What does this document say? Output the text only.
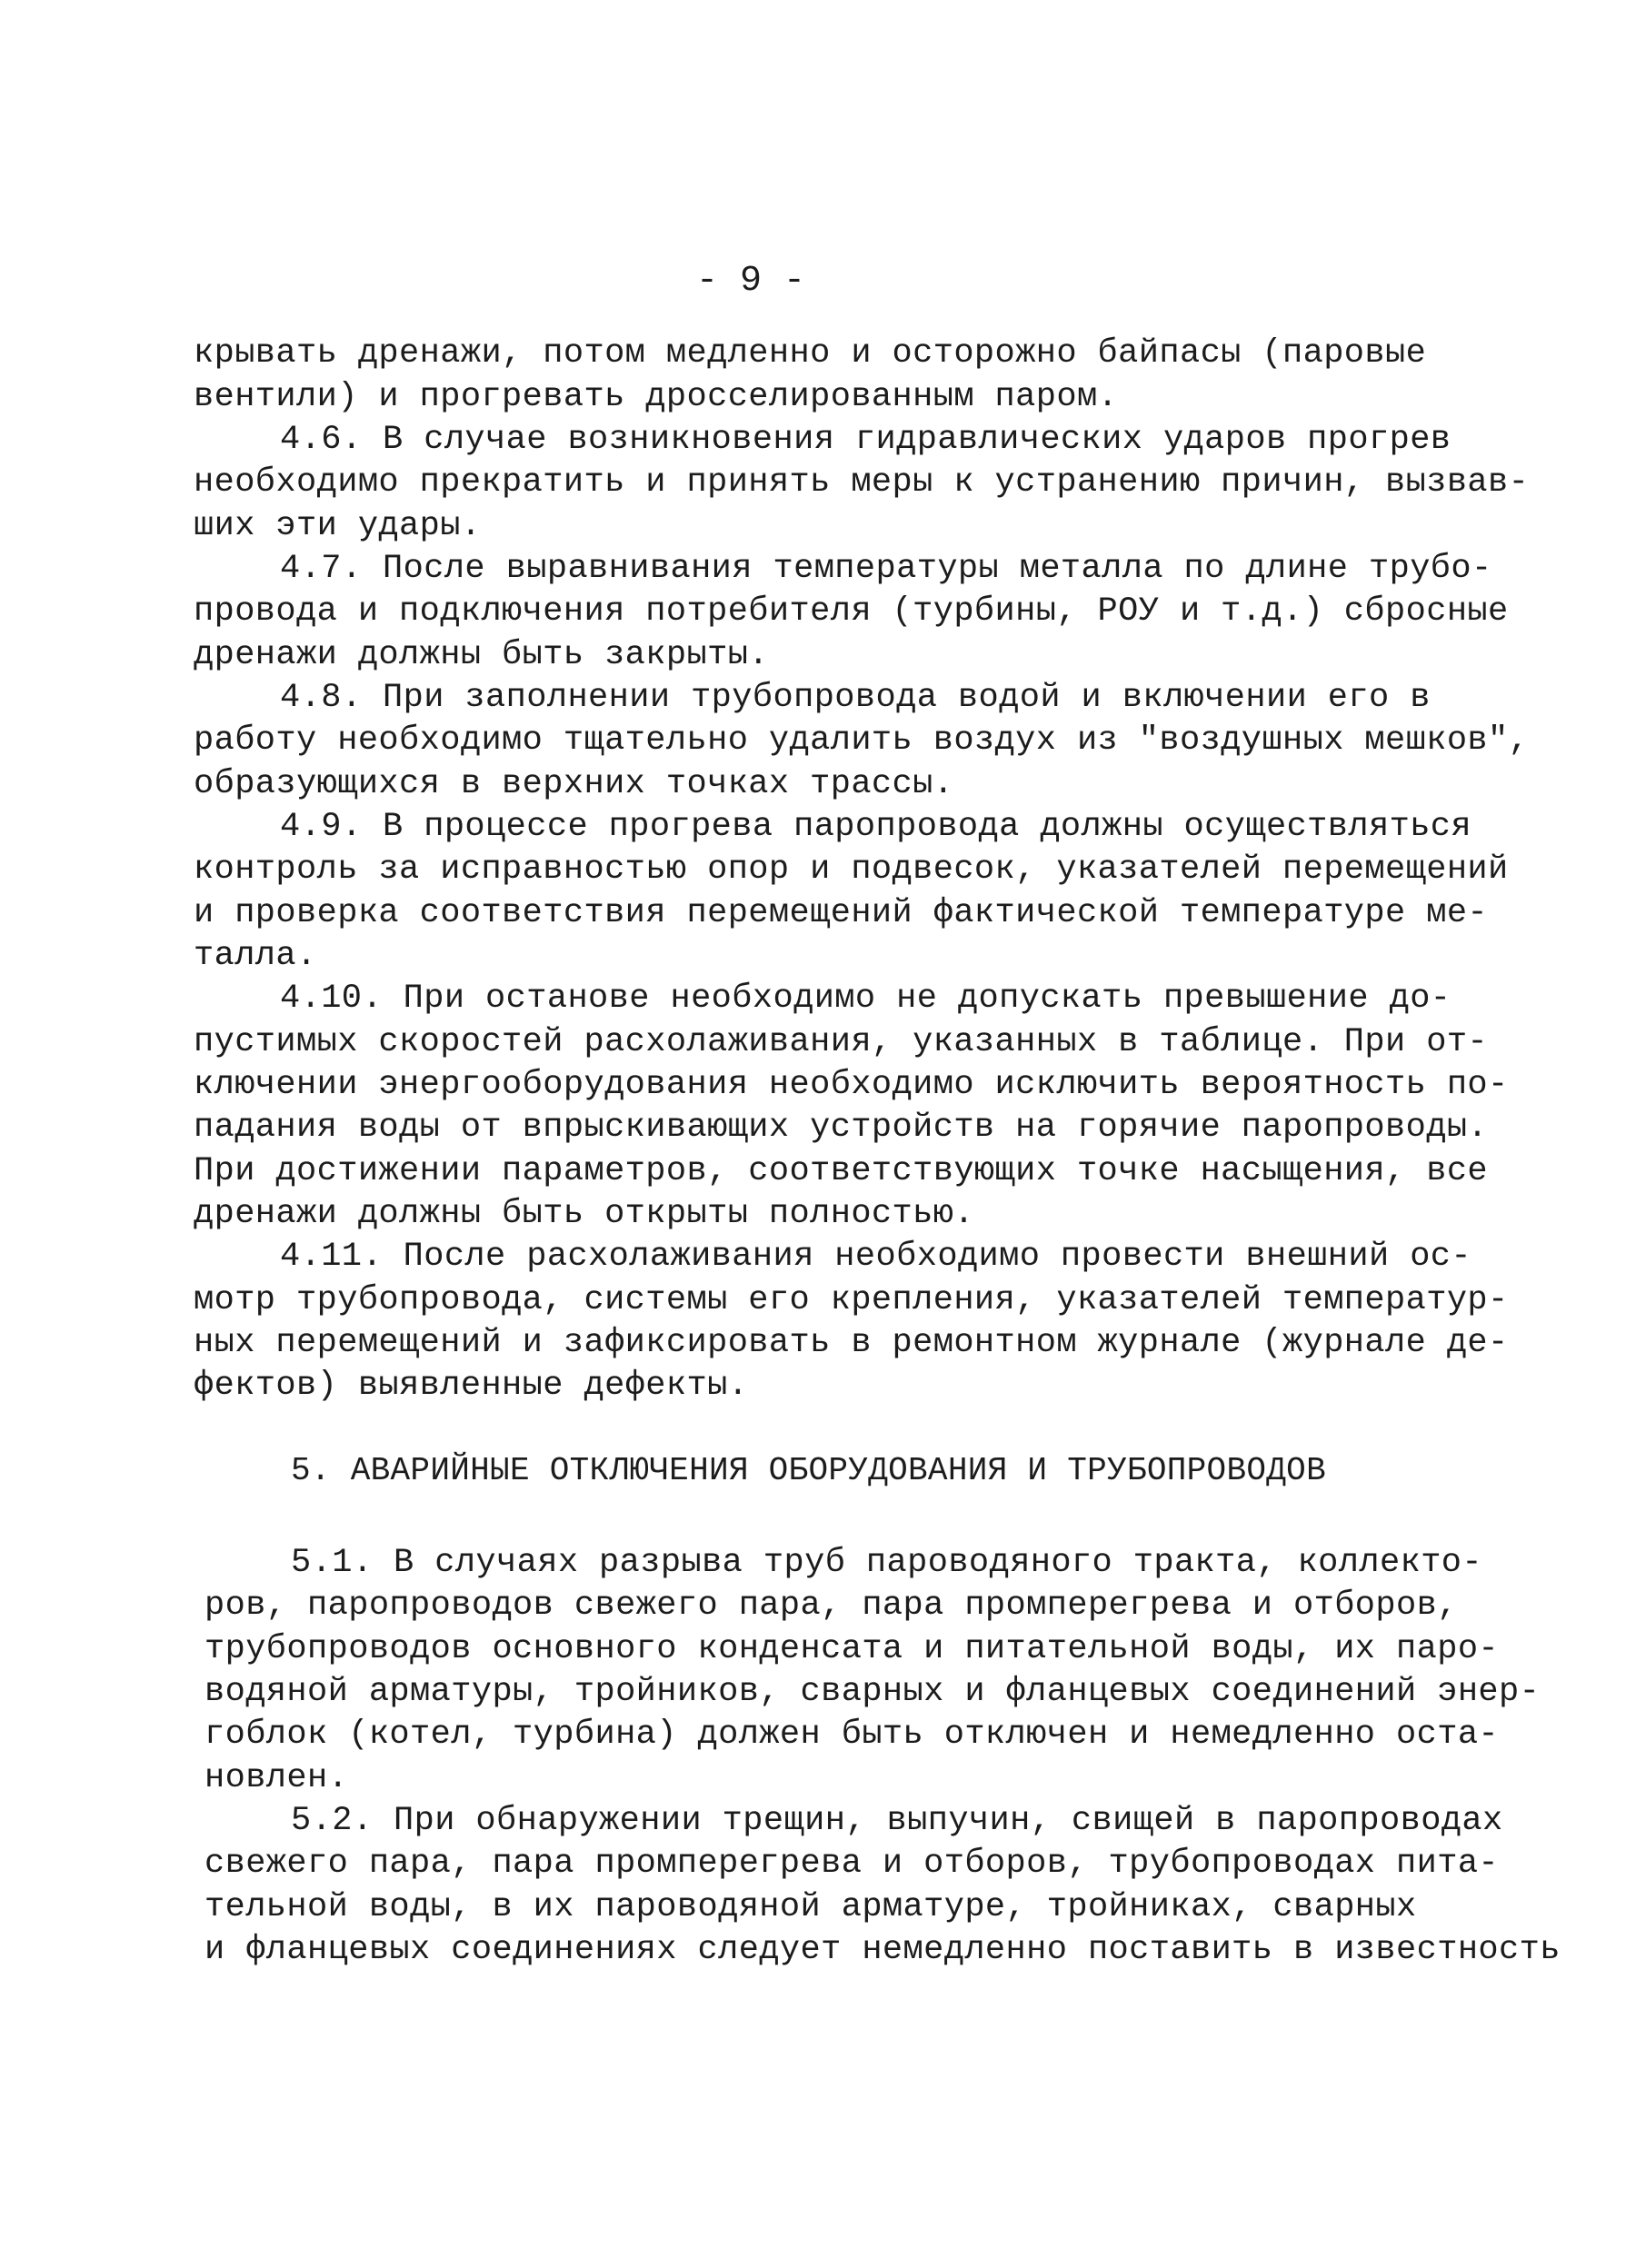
- 9 -
крывать дренажи, потом медленно и осторожно байпасы (паровые
вентили) и прогревать дросселированным паром.
4.6. В случае возникновения гидравлических ударов прогрев
необходимо прекратить и принять меры к устранению причин, вызвав-
ших эти удары.
4.7. После выравнивания температуры металла по длине трубо-
провода и подключения потребителя (турбины, РОУ и т.д.) сбросные
дренажи должны быть закрыты.
4.8. При заполнении трубопровода водой и включении его в
работу необходимо тщательно удалить воздух из "воздушных мешков",
образующихся в верхних точках трассы.
4.9. В процессе прогрева паропровода должны осуществляться
контроль за исправностью опор и подвесок, указателей перемещений
и проверка соответствия перемещений фактической температуре ме-
талла.
4.10. При останове необходимо не допускать превышение до-
пустимых скоростей расхолаживания, указанных в таблице. При от-
ключении энергооборудования необходимо исключить вероятность по-
падания воды от впрыскивающих устройств на горячие паропроводы.
При достижении параметров, соответствующих точке насыщения, все
дренажи должны быть открыты полностью.
4.11. После расхолаживания необходимо провести внешний ос-
мотр трубопровода, системы его крепления, указателей температур-
ных перемещений и зафиксировать в ремонтном журнале (журнале де-
фектов) выявленные дефекты.
5. АВАРИЙНЫЕ ОТКЛЮЧЕНИЯ ОБОРУДОВАНИЯ И ТРУБОПРОВОДОВ
5.1. В случаях разрыва труб пароводяного тракта, коллекто-
ров, паропроводов свежего пара, пара промперегрева и отборов,
трубопроводов основного конденсата и питательной воды, их паро-
водяной арматуры, тройников, сварных и фланцевых соединений энер-
гоблок (котел, турбина) должен быть отключен и немедленно оста-
новлен.
5.2. При обнаружении трещин, выпучин, свищей в паропроводах
свежего пара, пара промперегрева и отборов, трубопроводах пита-
тельной воды, в их пароводяной арматуре, тройниках, сварных
и фланцевых соединениях следует немедленно поставить в известность
